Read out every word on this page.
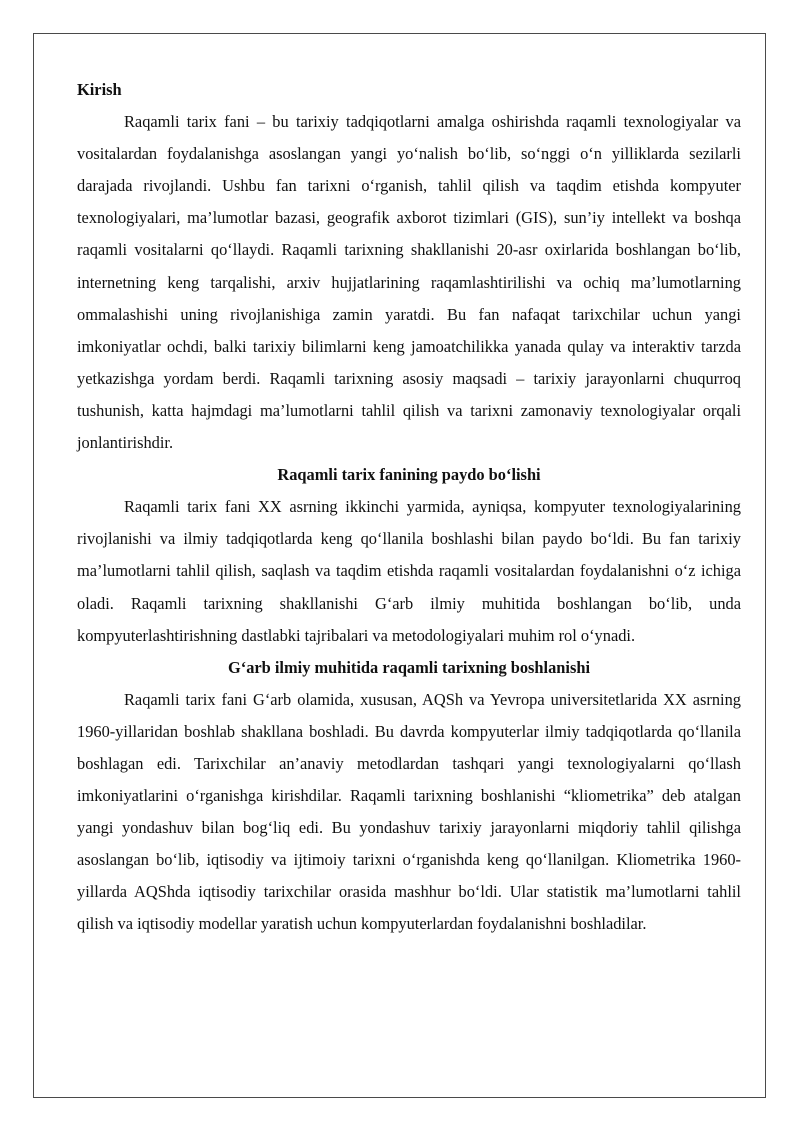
Kirish

Raqamli tarix fani – bu tarixiy tadqiqotlarni amalga oshirishda raqamli texnologiyalar va vositalardan foydalanishga asoslangan yangi yo‘nalish bo‘lib, so‘nggi o‘n yilliklarda sezilarli darajada rivojlandi. Ushbu fan tarixni o‘rganish, tahlil qilish va taqdim etishda kompyuter texnologiyalari, ma’lumotlar bazasi, geografik axborot tizimlari (GIS), sun’iy intellekt va boshqa raqamli vositalarni qo‘llaydi. Raqamli tarixning shakllanishi 20-asr oxirlarida boshlangan bo‘lib, internetning keng tarqalishi, arxiv hujjatlarining raqamlashtirilishi va ochiq ma’lumotlarning ommalashishi uning rivojlanishiga zamin yaratdi. Bu fan nafaqat tarixchilar uchun yangi imkoniyatlar ochdi, balki tarixiy bilimlarni keng jamoatchilikka yanada qulay va interaktiv tarzda yetkazishga yordam berdi. Raqamli tarixning asosiy maqsadi – tarixiy jarayonlarni chuqurroq tushunish, katta hajmdagi ma’lumotlarni tahlil qilish va tarixni zamonaviy texnologiyalar orqali jonlantirishdir.

Raqamli tarix fanining paydo bo‘lishi

Raqamli tarix fani XX asrning ikkinchi yarmida, ayniqsa, kompyuter texnologiyalarining rivojlanishi va ilmiy tadqiqotlarda keng qo‘llanila boshlashi bilan paydo bo‘ldi. Bu fan tarixiy ma’lumotlarni tahlil qilish, saqlash va taqdim etishda raqamli vositalardan foydalanishni o‘z ichiga oladi. Raqamli tarixning shakllanishi G‘arb ilmiy muhitida boshlangan bo‘lib, unda kompyuterlashtirishning dastlabki tajribalari va metodologiyalari muhim rol o‘ynadi.

G‘arb ilmiy muhitida raqamli tarixning boshlanishi

Raqamli tarix fani G‘arb olamida, xususan, AQSh va Yevropa universitetlarida XX asrning 1960-yillaridan boshlab shakllana boshladi. Bu davrda kompyuterlar ilmiy tadqiqotlarda qo‘llanila boshlagan edi. Tarixchilar an’anaviy metodlardan tashqari yangi texnologiyalarni qo‘llash imkoniyatlarini o‘rganishga kirishdilar. Raqamli tarixning boshlanishi “kliometrika” deb atalgan yangi yondashuv bilan bog‘liq edi. Bu yondashuv tarixiy jarayonlarni miqdoriy tahlil qilishga asoslangan bo‘lib, iqtisodiy va ijtimoiy tarixni o‘rganishda keng qo‘llanilgan. Kliometrika 1960-yillarda AQShda iqtisodiy tarixchilar orasida mashhur bo‘ldi. Ular statistik ma’lumotlarni tahlil qilish va iqtisodiy modellar yaratish uchun kompyuterlardan foydalanishni boshladilar.
